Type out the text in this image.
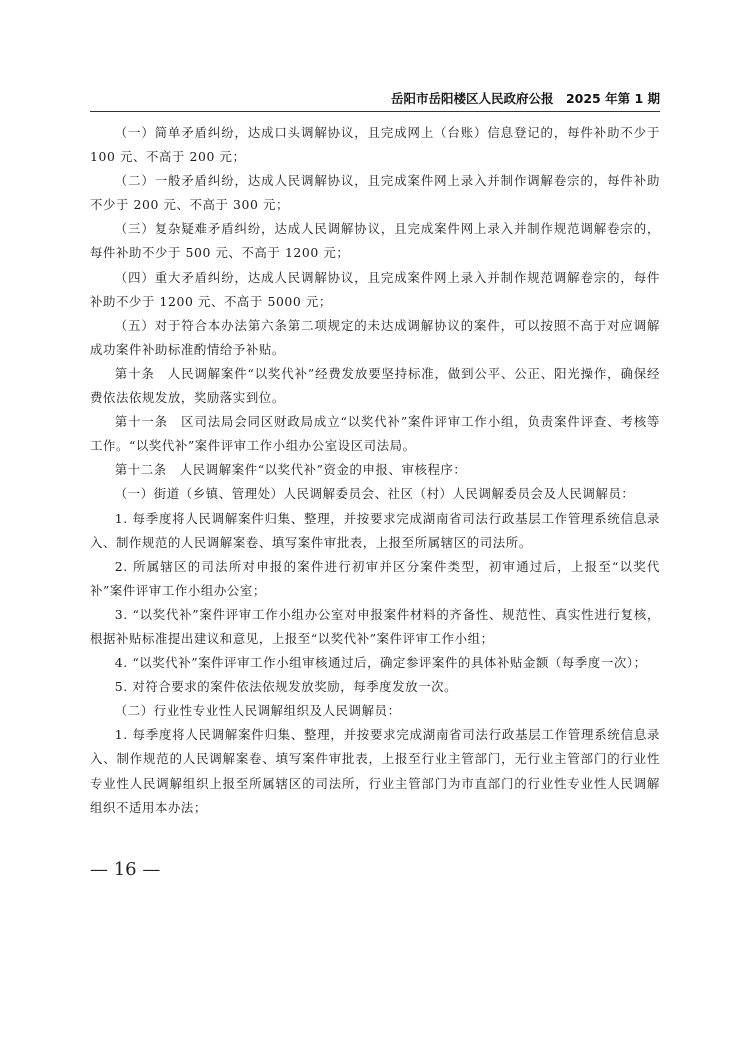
岳阳市岳阳楼区人民政府公报　2025 年第 1 期

（一）简单矛盾纠纷，达成口头调解协议，且完成网上（台账）信息登记的，每件补助不少于 100 元、不高于 200 元；

（二）一般矛盾纠纷，达成人民调解协议，且完成案件网上录入并制作调解卷宗的，每件补助不少于 200 元、不高于 300 元；

（三）复杂疑难矛盾纠纷，达成人民调解协议，且完成案件网上录入并制作规范调解卷宗的，每件补助不少于 500 元、不高于 1200 元；

（四）重大矛盾纠纷，达成人民调解协议，且完成案件网上录入并制作规范调解卷宗的，每件补助不少于 1200 元、不高于 5000 元；

（五）对于符合本办法第六条第二项规定的未达成调解协议的案件，可以按照不高于对应调解成功案件补助标准酌情给予补贴。

第十条　人民调解案件“以奖代补”经费发放要坚持标准，做到公平、公正、阳光操作，确保经费依法依规发放，奖励落实到位。

第十一条　区司法局会同区财政局成立“以奖代补”案件评审工作小组，负责案件评查、考核等工作。“以奖代补”案件评审工作小组办公室设区司法局。

第十二条　人民调解案件“以奖代补”资金的申报、审核程序：

（一）街道（乡镇、管理处）人民调解委员会、社区（村）人民调解委员会及人民调解员：

1. 每季度将人民调解案件归集、整理，并按要求完成湖南省司法行政基层工作管理系统信息录入、制作规范的人民调解案卷、填写案件审批表，上报至所属辖区的司法所。

2. 所属辖区的司法所对申报的案件进行初审并区分案件类型，初审通过后，上报至“以奖代补”案件评审工作小组办公室；

3. “以奖代补”案件评审工作小组办公室对申报案件材料的齐备性、规范性、真实性进行复核，根据补贴标准提出建议和意见，上报至“以奖代补”案件评审工作小组；

4. “以奖代补”案件评审工作小组审核通过后，确定参评案件的具体补贴金额（每季度一次）；

5. 对符合要求的案件依法依规发放奖励，每季度发放一次。

（二）行业性专业性人民调解组织及人民调解员：

1. 每季度将人民调解案件归集、整理，并按要求完成湖南省司法行政基层工作管理系统信息录入、制作规范的人民调解案卷、填写案件审批表，上报至行业主管部门，无行业主管部门的行业性专业性人民调解组织上报至所属辖区的司法所，行业主管部门为市直部门的行业性专业性人民调解组织不适用本办法；

— 16 —
